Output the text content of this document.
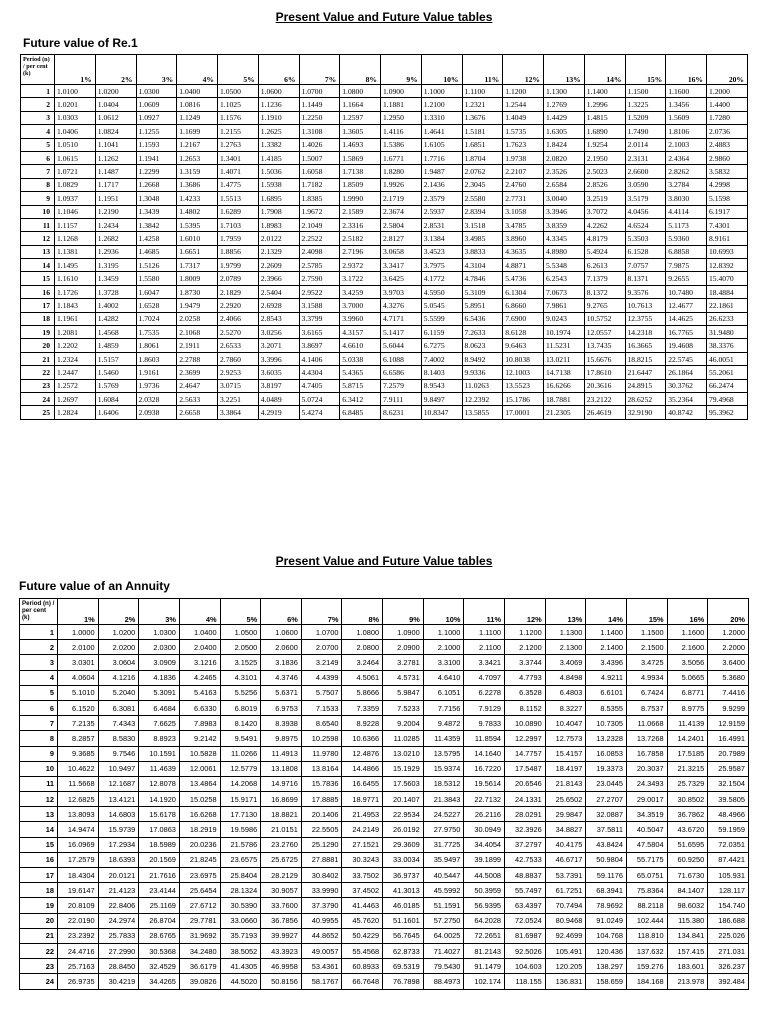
Present Value and Future Value tables
Future value of Re.1
Period (n) / per cent (k)	1%	2%	3%	4%	5%	6%	7%	8%	9%	10%	11%	12%	13%	14%	15%	16%	20%
1	1.0100	1.0200	1.0300	1.0400	1.0500	1.0600	1.0700	1.0800	1.0900	1.1000	1.1100	1.1200	1.1300	1.1400	1.1500	1.1600	1.2000
2	1.0201	1.0404	1.0609	1.0816	1.1025	1.1236	1.1449	1.1664	1.1881	1.2100	1.2321	1.2544	1.2769	1.2996	1.3225	1.3456	1.4400
3	1.0303	1.0612	1.0927	1.1249	1.1576	1.1910	1.2250	1.2597	1.2950	1.3310	1.3676	1.4049	1.4429	1.4815	1.5209	1.5609	1.7280
4	1.0406	1.0824	1.1255	1.1699	1.2155	1.2625	1.3108	1.3605	1.4116	1.4641	1.5181	1.5735	1.6305	1.6890	1.7490	1.8106	2.0736
5	1.0510	1.1041	1.1593	1.2167	1.2763	1.3382	1.4026	1.4693	1.5386	1.6105	1.6851	1.7623	1.8424	1.9254	2.0114	2.1003	2.4883
6	1.0615	1.1262	1.1941	1.2653	1.3401	1.4185	1.5007	1.5869	1.6771	1.7716	1.8704	1.9738	2.0820	2.1950	2.3131	2.4364	2.9860
7	1.0721	1.1487	1.2299	1.3159	1.4071	1.5036	1.6058	1.7138	1.8280	1.9487	2.0762	2.2107	2.3526	2.5023	2.6600	2.8262	3.5832
8	1.0829	1.1717	1.2668	1.3686	1.4775	1.5938	1.7182	1.8509	1.9926	2.1436	2.3045	2.4760	2.6584	2.8526	3.0590	3.2784	4.2998
9	1.0937	1.1951	1.3048	1.4233	1.5513	1.6895	1.8385	1.9990	2.1719	2.3579	2.5580	2.7731	3.0040	3.2519	3.5179	3.8030	5.1598
10	1.1046	1.2190	1.3439	1.4802	1.6289	1.7908	1.9672	2.1589	2.3674	2.5937	2.8394	3.1058	3.3946	3.7072	4.0456	4.4114	6.1917
11	1.1157	1.2434	1.3842	1.5395	1.7103	1.8983	2.1049	2.3316	2.5804	2.8531	3.1518	3.4785	3.8359	4.2262	4.6524	5.1173	7.4301
12	1.1268	1.2682	1.4258	1.6010	1.7959	2.0122	2.2522	2.5182	2.8127	3.1384	3.4985	3.8960	4.3345	4.8179	5.3503	5.9360	8.9161
13	1.1381	1.2936	1.4685	1.6651	1.8856	2.1329	2.4098	2.7196	3.0658	3.4523	3.8833	4.3635	4.8980	5.4924	6.1528	6.8858	10.6993
14	1.1495	1.3195	1.5126	1.7317	1.9799	2.2609	2.5785	2.9372	3.3417	3.7975	4.3104	4.8871	5.5348	6.2613	7.0757	7.9875	12.8392
15	1.1610	1.3459	1.5580	1.8009	2.0789	2.3966	2.7590	3.1722	3.6425	4.1772	4.7846	5.4736	6.2543	7.1379	8.1371	9.2655	15.4070
16	1.1726	1.3728	1.6047	1.8730	2.1829	2.5404	2.9522	3.4259	3.9703	4.5950	5.3109	6.1304	7.0673	8.1372	9.3576	10.7480	18.4884
17	1.1843	1.4002	1.6528	1.9479	2.2920	2.6928	3.1588	3.7000	4.3276	5.0545	5.8951	6.8660	7.9861	9.2765	10.7613	12.4677	22.1861
18	1.1961	1.4282	1.7024	2.0258	2.4066	2.8543	3.3799	3.9960	4.7171	5.5599	6.5436	7.6900	9.0243	10.5752	12.3755	14.4625	26.6233
19	1.2081	1.4568	1.7535	2.1068	2.5270	3.0256	3.6165	4.3157	5.1417	6.1159	7.2633	8.6128	10.1974	12.0557	14.2318	16.7765	31.9480
20	1.2202	1.4859	1.8061	2.1911	2.6533	3.2071	3.8697	4.6610	5.6044	6.7275	8.0623	9.6463	11.5231	13.7435	16.3665	19.4608	38.3376
21	1.2324	1.5157	1.8603	2.2788	2.7860	3.3996	4.1406	5.0338	6.1088	7.4002	8.9492	10.8038	13.0211	15.6676	18.8215	22.5745	46.0051
22	1.2447	1.5460	1.9161	2.3699	2.9253	3.6035	4.4304	5.4365	6.6586	8.1403	9.9336	12.1003	14.7138	17.8610	21.6447	26.1864	55.2061
23	1.2572	1.5769	1.9736	2.4647	3.0715	3.8197	4.7405	5.8715	7.2579	8.9543	11.0263	13.5523	16.6266	20.3616	24.8915	30.3762	66.2474
24	1.2697	1.6084	2.0328	2.5633	3.2251	4.0489	5.0724	6.3412	7.9111	9.8497	12.2392	15.1786	18.7881	23.2122	28.6252	35.2364	79.4968
25	1.2824	1.6406	2.0938	2.6658	3.3864	4.2919	5.4274	6.8485	8.6231	10.8347	13.5855	17.0001	21.2305	26.4619	32.9190	40.8742	95.3962
Present Value and Future Value tables
Future value of an Annuity
Period (n) / per cent (k)	1%	2%	3%	4%	5%	6%	7%	8%	9%	10%	11%	12%	13%	14%	15%	16%	20%
1	1.0000	1.0200	1.0300	1.0400	1.0500	1.0600	1.0700	1.0800	1.0900	1.1000	1.1100	1.1200	1.1300	1.1400	1.1500	1.1600	1.2000
2	2.0100	2.0200	2.0300	2.0400	2.0500	2.0600	2.0700	2.0800	2.0900	2.1000	2.1100	2.1200	2.1300	2.1400	2.1500	2.1600	2.2000
3	3.0301	3.0604	3.0909	3.1216	3.1525	3.1836	3.2149	3.2464	3.2781	3.3100	3.3421	3.3744	3.4069	3.4396	3.4725	3.5056	3.6400
4	4.0604	4.1216	4.1836	4.2465	4.3101	4.3746	4.4399	4.5061	4.5731	4.6410	4.7097	4.7793	4.8498	4.9211	4.9934	5.0665	5.3680
5	5.1010	5.2040	5.3091	5.4163	5.5256	5.6371	5.7507	5.8666	5.9847	6.1051	6.2278	6.3528	6.4803	6.6101	6.7424	6.8771	7.4416
6	6.1520	6.3081	6.4684	6.6330	6.8019	6.9753	7.1533	7.3359	7.5233	7.7156	7.9129	8.1152	8.3227	8.5355	8.7537	8.9775	9.9299
7	7.2135	7.4343	7.6625	7.8983	8.1420	8.3938	8.6540	8.9228	9.2004	9.4872	9.7833	10.0890	10.4047	10.7305	11.0668	11.4139	12.9159
8	8.2857	8.5830	8.8923	9.2142	9.5491	9.8975	10.2598	10.6366	11.0285	11.4359	11.8594	12.2997	12.7573	13.2328	13.7268	14.2401	16.4991
9	9.3685	9.7546	10.1591	10.5828	11.0266	11.4913	11.9780	12.4876	13.0210	13.5795	14.1640	14.7757	15.4157	16.0853	16.7858	17.5185	20.7989
10	10.4622	10.9497	11.4639	12.0061	12.5779	13.1808	13.8164	14.4866	15.1929	15.9374	16.7220	17.5487	18.4197	19.3373	20.3037	21.3215	25.9587
11	11.5668	12.1687	12.8078	13.4864	14.2068	14.9716	15.7836	16.6455	17.5603	18.5312	19.5614	20.6546	21.8143	23.0445	24.3493	25.7329	32.1504
12	12.6825	13.4121	14.1920	15.0258	15.9171	16.8699	17.8885	18.9771	20.1407	21.3843	22.7132	24.1331	25.6502	27.2707	29.0017	30.8502	39.5805
13	13.8093	14.6803	15.6178	16.6268	17.7130	18.8821	20.1406	21.4953	22.9534	24.5227	26.2116	28.0291	29.9847	32.0887	34.3519	36.7862	48.4966
14	14.9474	15.9739	17.0863	18.2919	19.5986	21.0151	22.5505	24.2149	26.0192	27.9750	30.0949	32.3926	34.8827	37.5811	40.5047	43.6720	59.1959
15	16.0969	17.2934	18.5989	20.0236	21.5786	23.2760	25.1290	27.1521	29.3609	31.7725	34.4054	37.2797	40.4175	43.8424	47.5804	51.6595	72.0351
16	17.2579	18.6393	20.1569	21.8245	23.6575	25.6725	27.8881	30.3243	33.0034	35.9497	39.1899	42.7533	46.6717	50.9804	55.7175	60.9250	87.4421
17	18.4304	20.0121	21.7616	23.6975	25.8404	28.2129	30.8402	33.7502	36.9737	40.5447	44.5008	48.8837	53.7391	59.1176	65.0751	71.6730	105.931
18	19.6147	21.4123	23.4144	25.6454	28.1324	30.9057	33.9990	37.4502	41.3013	45.5992	50.3959	55.7497	61.7251	68.3941	75.8364	84.1407	128.117
19	20.8109	22.8406	25.1169	27.6712	30.5390	33.7600	37.3790	41.4463	46.0185	51.1591	56.9395	63.4397	70.7494	78.9692	88.2118	98.6032	154.740
20	22.0190	24.2974	26.8704	29.7781	33.0660	36.7856	40.9955	45.7620	51.1601	57.2750	64.2028	72.0524	80.9468	91.0249	102.444	115.380	186.688
21	23.2392	25.7833	28.6765	31.9692	35.7193	39.9927	44.8652	50.4229	56.7645	64.0025	72.2651	81.6987	92.4699	104.768	118.810	134.841	225.026
22	24.4716	27.2990	30.5368	34.2480	38.5052	43.3923	49.0057	55.4568	62.8733	71.4027	81.2143	92.5026	105.491	120.436	137.632	157.415	271.031
23	25.7163	28.8450	32.4529	36.6179	41.4305	46.9958	53.4361	60.8933	69.5319	79.5430	91.1479	104.603	120.205	138.297	159.276	183.601	326.237
24	26.9735	30.4219	34.4265	39.0826	44.5020	50.8156	58.1767	66.7648	76.7898	88.4973	102.174	118.155	136.831	158.659	184.168	213.978	392.484
